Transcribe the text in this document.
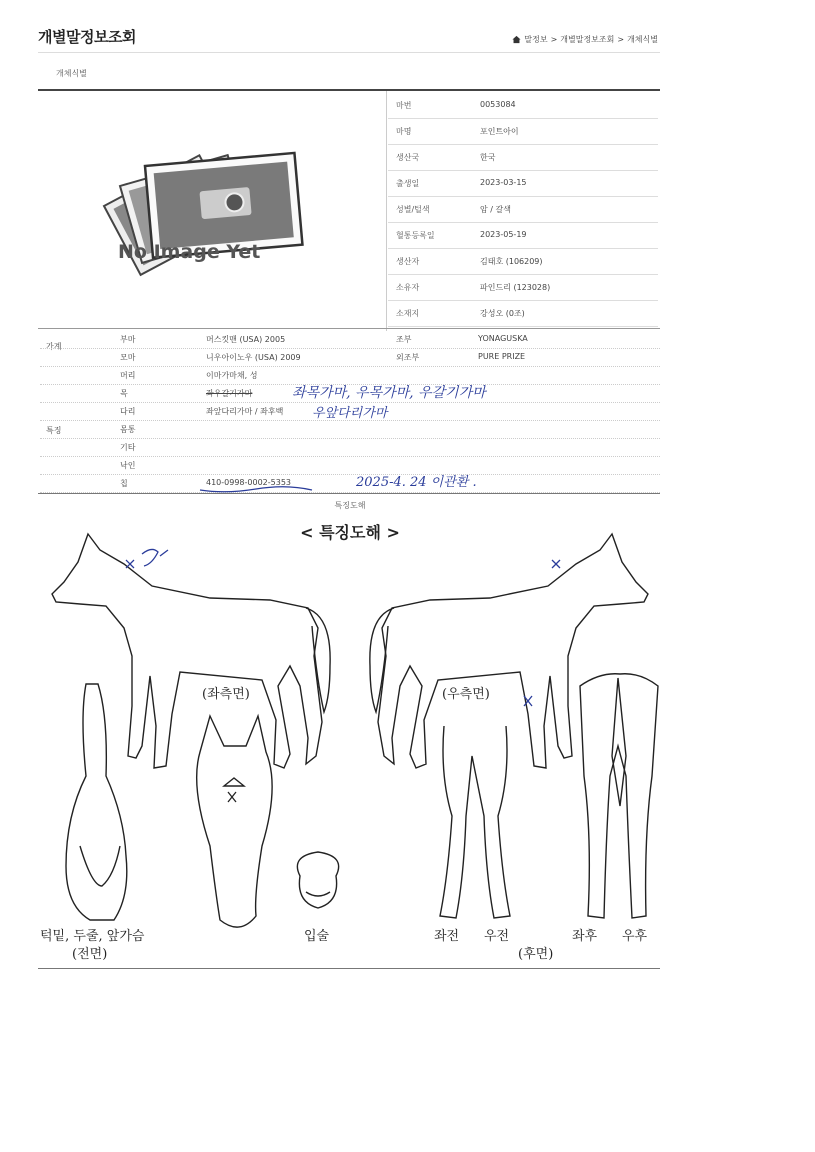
개별말정보조회	말정보 > 개별말정보조회 > 개체식별
개체식별
No Image Yet
마번	0053084
마명	포인트아이
생산국	한국
출생일	2023-03-15
성별/털색	암 / 갈색
혈통등록일	2023-05-19
생산자	김태호 (106209)
소유자	파인드리 (123028)
소재지	강성오 (0조)
가계
부마	머스킷맨 (USA) 2005	조부	YONAGUSKA
모마	니우아이노우 (USA) 2009	외조부	PURE PRIZE
특징
머리	이마가마채, 성
목	좌우갈기가마
다리	좌앞다리가마 / 좌후백
몸통
기타
낙인
칩	410-0998-0002-5353
좌목가마, 우목가마, 우갈기가마
우앞다리가마
2025-4. 24 이관환 .
특징도해
< 특징도해 >
(좌측면)	(우측면)
턱밑, 두줄, 앞가슴
(전면)
입술	좌전 우전	좌후 우후
(후면)
